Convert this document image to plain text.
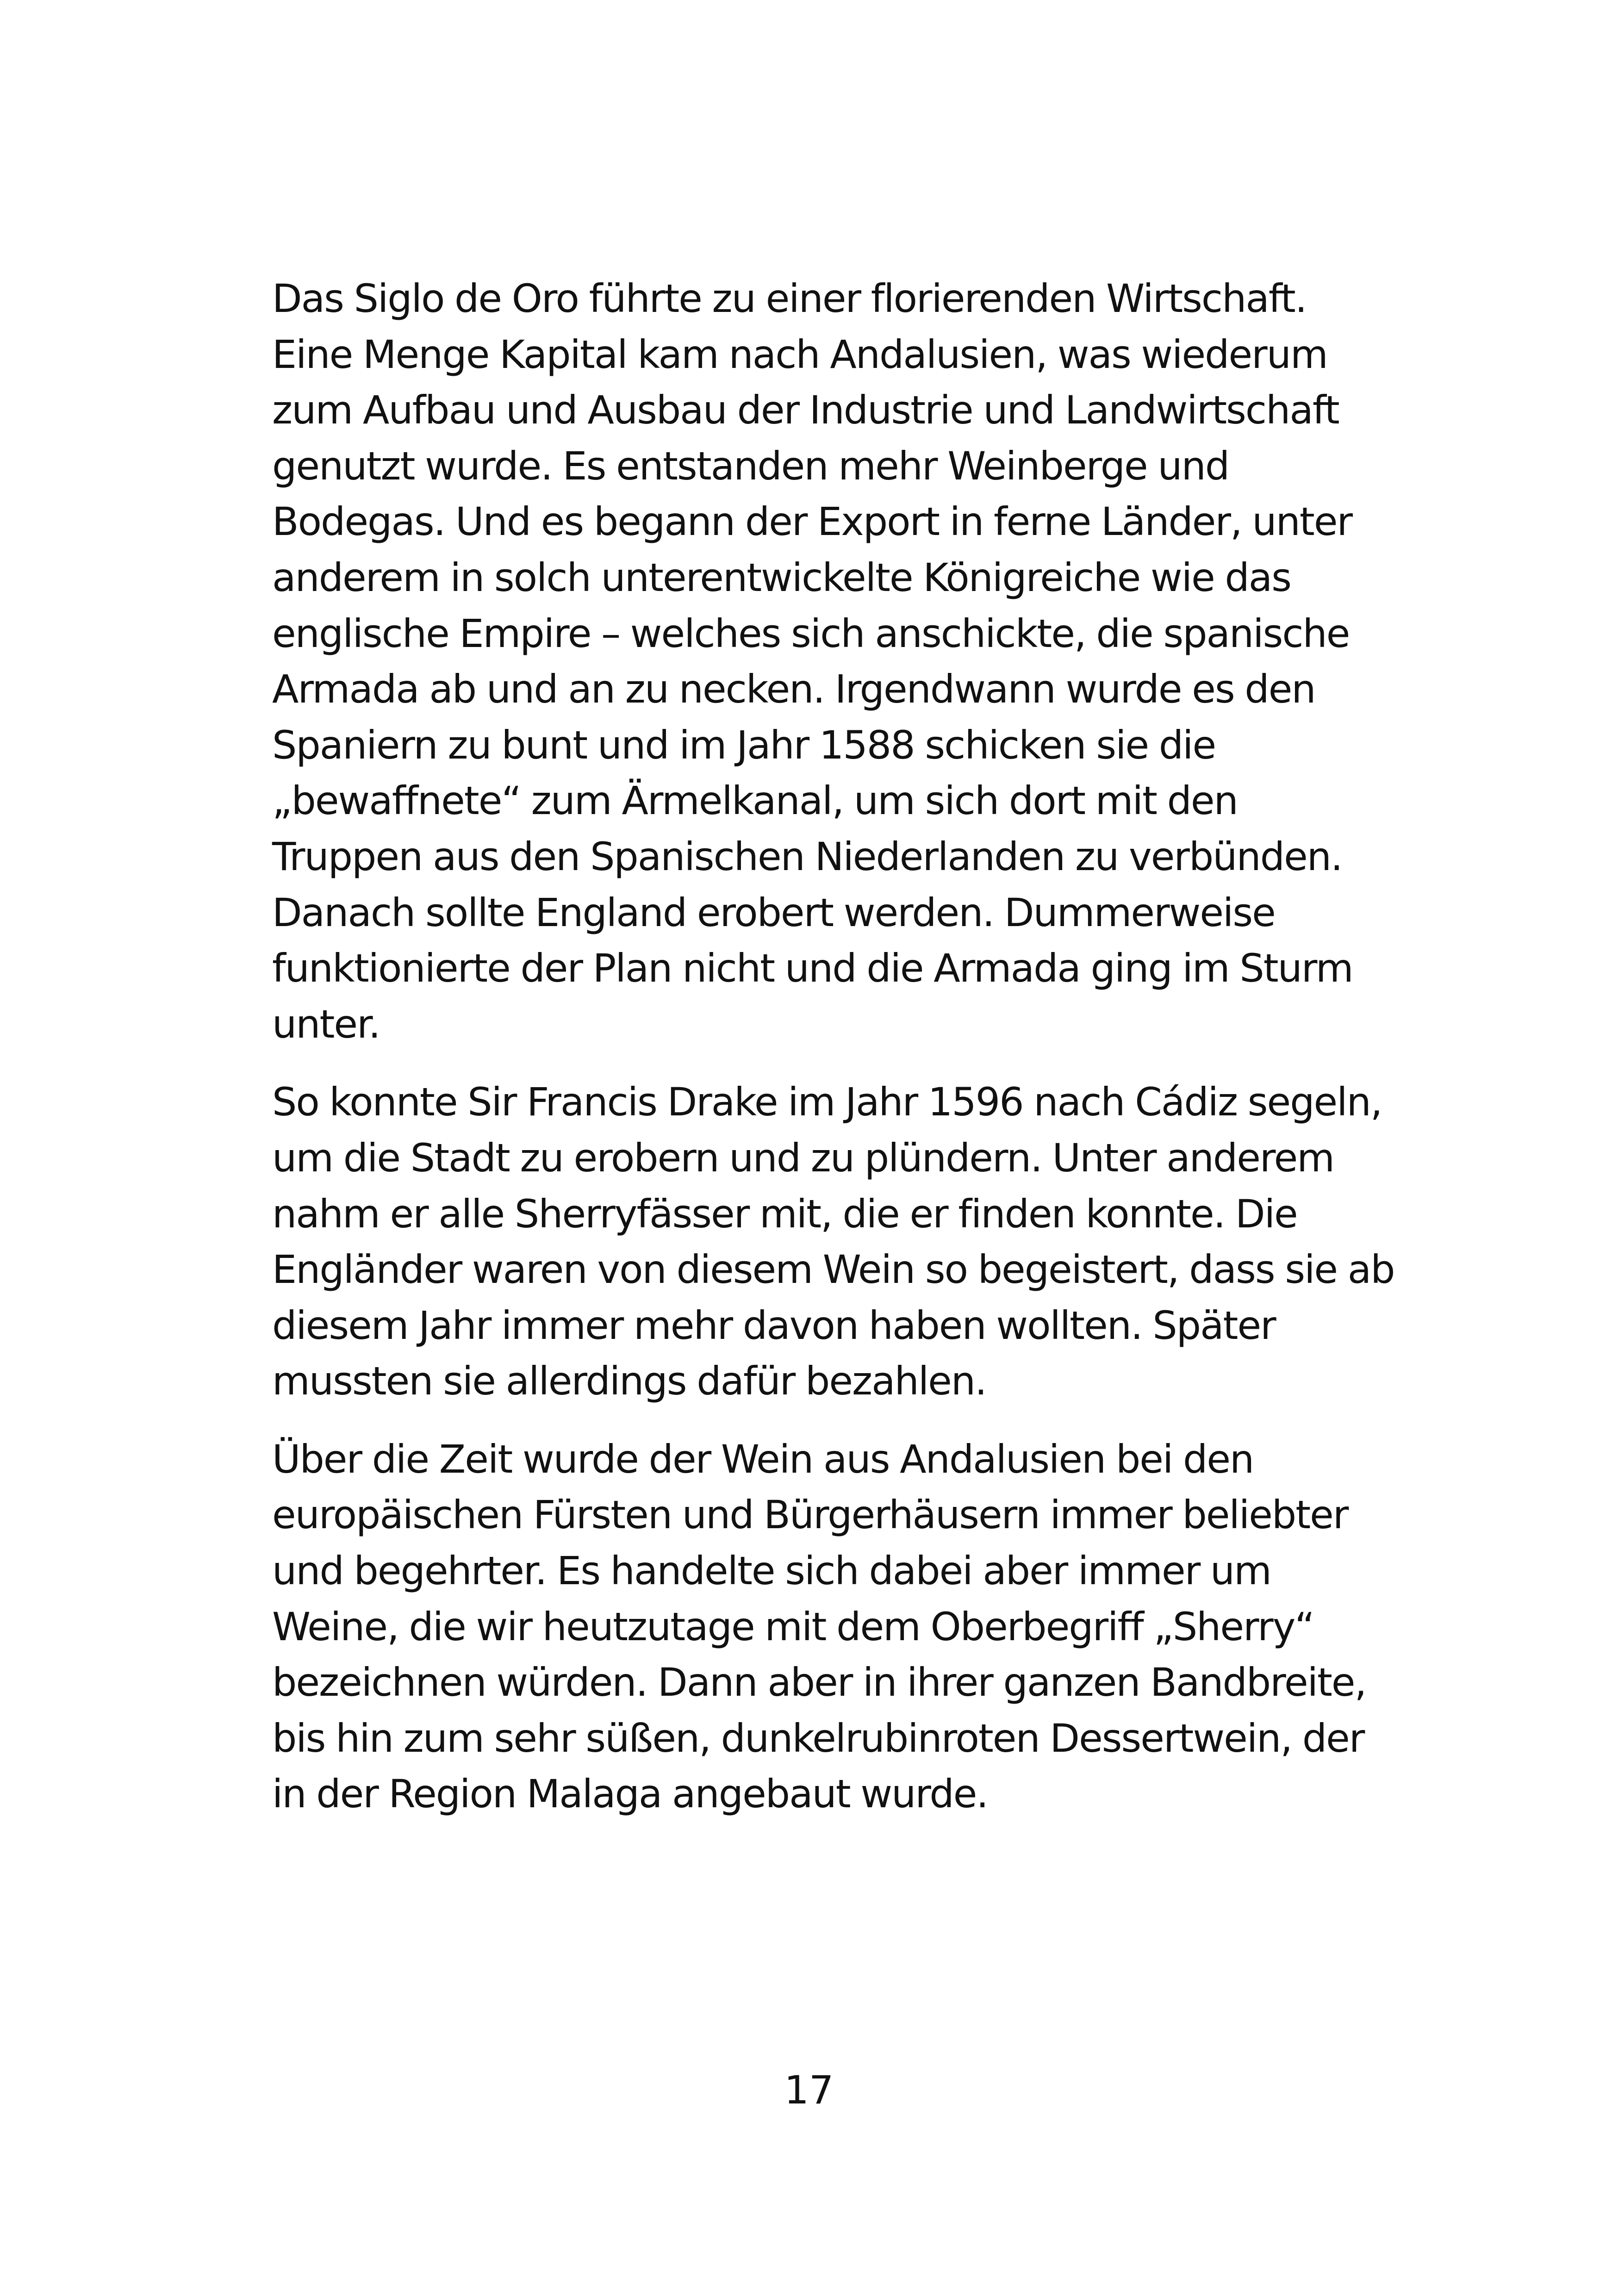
Das Siglo de Oro führte zu einer florierenden Wirtschaft.
Eine Menge Kapital kam nach Andalusien, was wiederum
zum Aufbau und Ausbau der Industrie und Landwirtschaft
genutzt wurde. Es entstanden mehr Weinberge und
Bodegas. Und es begann der Export in ferne Länder, unter
anderem in solch unterentwickelte Königreiche wie das
englische Empire – welches sich anschickte, die spanische
Armada ab und an zu necken. Irgendwann wurde es den
Spaniern zu bunt und im Jahr 1588 schicken sie die
„bewaffnete“ zum Ärmelkanal, um sich dort mit den
Truppen aus den Spanischen Niederlanden zu verbünden.
Danach sollte England erobert werden. Dummerweise
funktionierte der Plan nicht und die Armada ging im Sturm
unter.

So konnte Sir Francis Drake im Jahr 1596 nach Cádiz segeln,
um die Stadt zu erobern und zu plündern. Unter anderem
nahm er alle Sherryfässer mit, die er finden konnte. Die
Engländer waren von diesem Wein so begeistert, dass sie ab
diesem Jahr immer mehr davon haben wollten. Später
mussten sie allerdings dafür bezahlen.

Über die Zeit wurde der Wein aus Andalusien bei den
europäischen Fürsten und Bürgerhäusern immer beliebter
und begehrter. Es handelte sich dabei aber immer um
Weine, die wir heutzutage mit dem Oberbegriff „Sherry“
bezeichnen würden. Dann aber in ihrer ganzen Bandbreite,
bis hin zum sehr süßen, dunkelrubinroten Dessertwein, der
in der Region Malaga angebaut wurde.

17
